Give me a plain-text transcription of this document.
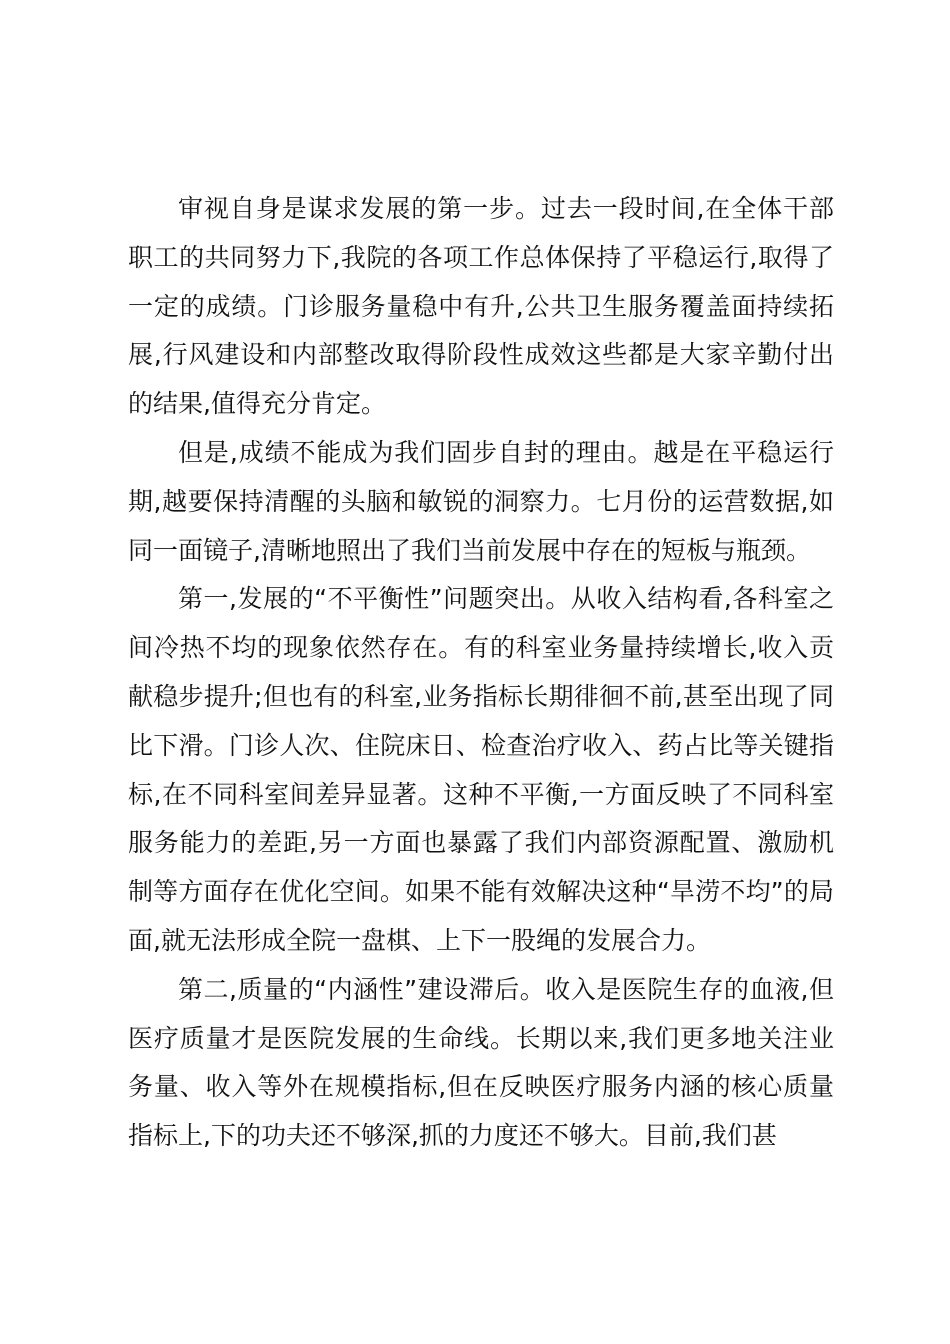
审视自身是谋求发展的第一步。过去一段时间,在全体干部职工的共同努力下,我院的各项工作总体保持了平稳运行,取得了一定的成绩。门诊服务量稳中有升,公共卫生服务覆盖面持续拓展,行风建设和内部整改取得阶段性成效这些都是大家辛勤付出的结果,值得充分肯定。

但是,成绩不能成为我们固步自封的理由。越是在平稳运行期,越要保持清醒的头脑和敏锐的洞察力。七月份的运营数据,如同一面镜子,清晰地照出了我们当前发展中存在的短板与瓶颈。

第一,发展的“不平衡性”问题突出。从收入结构看,各科室之间冷热不均的现象依然存在。有的科室业务量持续增长,收入贡献稳步提升;但也有的科室,业务指标长期徘徊不前,甚至出现了同比下滑。门诊人次、住院床日、检查治疗收入、药占比等关键指标,在不同科室间差异显著。这种不平衡,一方面反映了不同科室服务能力的差距,另一方面也暴露了我们内部资源配置、激励机制等方面存在优化空间。如果不能有效解决这种“旱涝不均”的局面,就无法形成全院一盘棋、上下一股绳的发展合力。

第二,质量的“内涵性”建设滞后。收入是医院生存的血液,但医疗质量才是医院发展的生命线。长期以来,我们更多地关注业务量、收入等外在规模指标,但在反映医疗服务内涵的核心质量指标上,下的功夫还不够深,抓的力度还不够大。目前,我们甚
